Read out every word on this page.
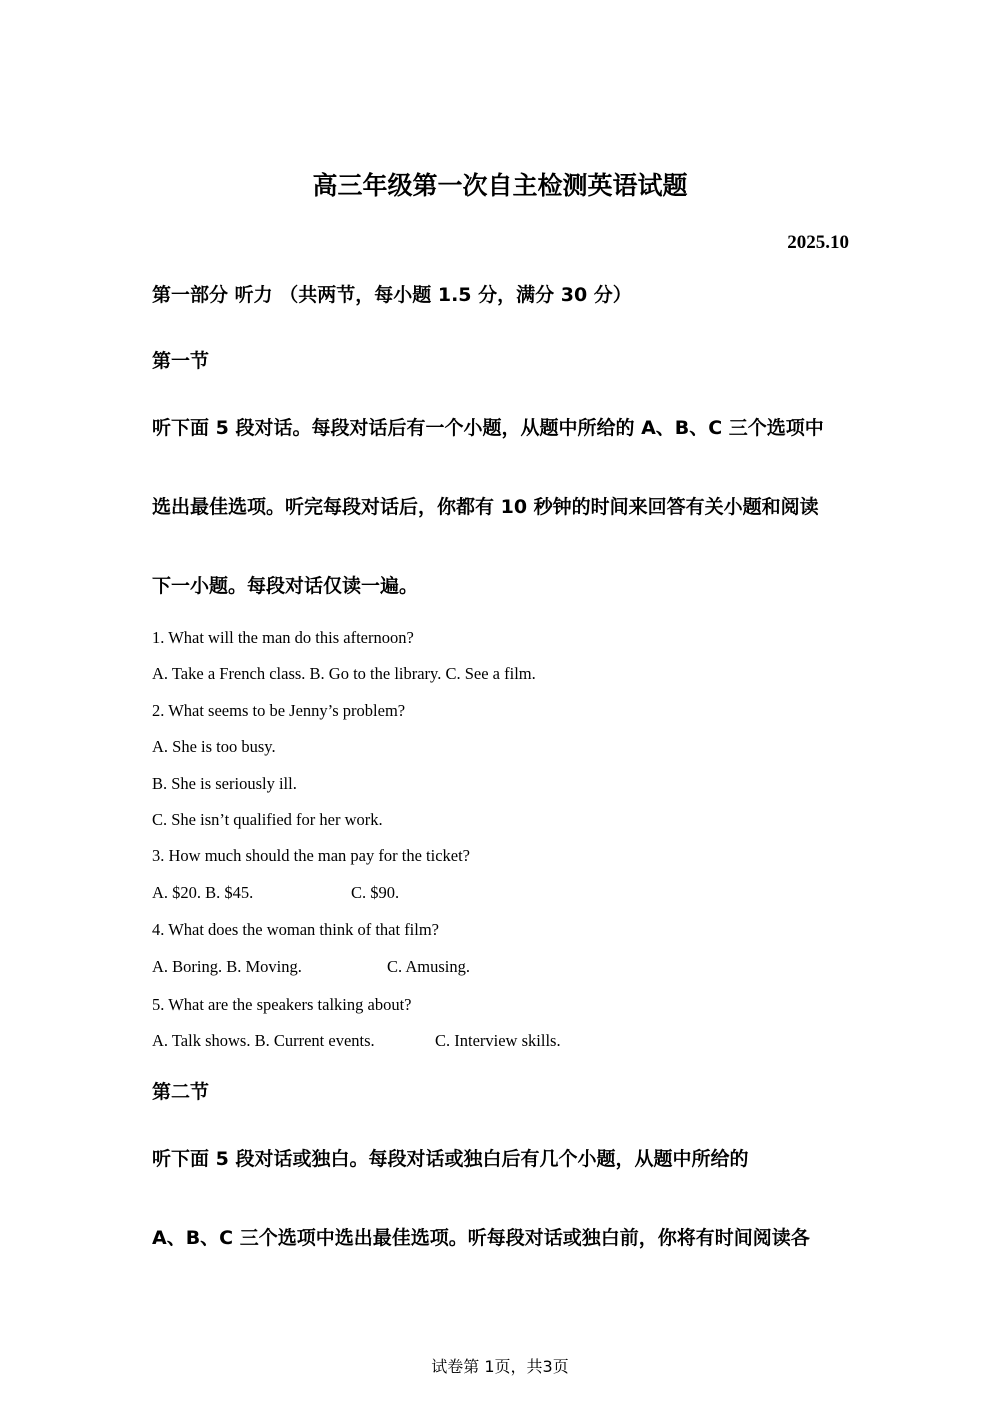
高三年级第一次自主检测英语试题
2025.10
第一部分 听力 （共两节，每小题 1.5 分，满分 30 分）
第一节
听下面 5 段对话。每段对话后有一个小题，从题中所给的 A、B、C 三个选项中
选出最佳选项。听完每段对话后，你都有 10 秒钟的时间来回答有关小题和阅读
下一小题。每段对话仅读一遍。
1. What will the man do this afternoon?
A. Take a French class. B. Go to the library. C. See a film.
2. What seems to be Jenny’s problem?
A. She is too busy.
B. She is seriously ill.
C. She isn’t qualified for her work.
3. How much should the man pay for the ticket?
A. $20. B. $45.	C. $90.
4. What does the woman think of that film?
A. Boring. B. Moving.	C. Amusing.
5. What are the speakers talking about?
A. Talk shows. B. Current events.	C. Interview skills.
第二节
听下面 5 段对话或独白。每段对话或独白后有几个小题，从题中所给的
A、B、C 三个选项中选出最佳选项。听每段对话或独白前，你将有时间阅读各
试卷第 1页，共3页
